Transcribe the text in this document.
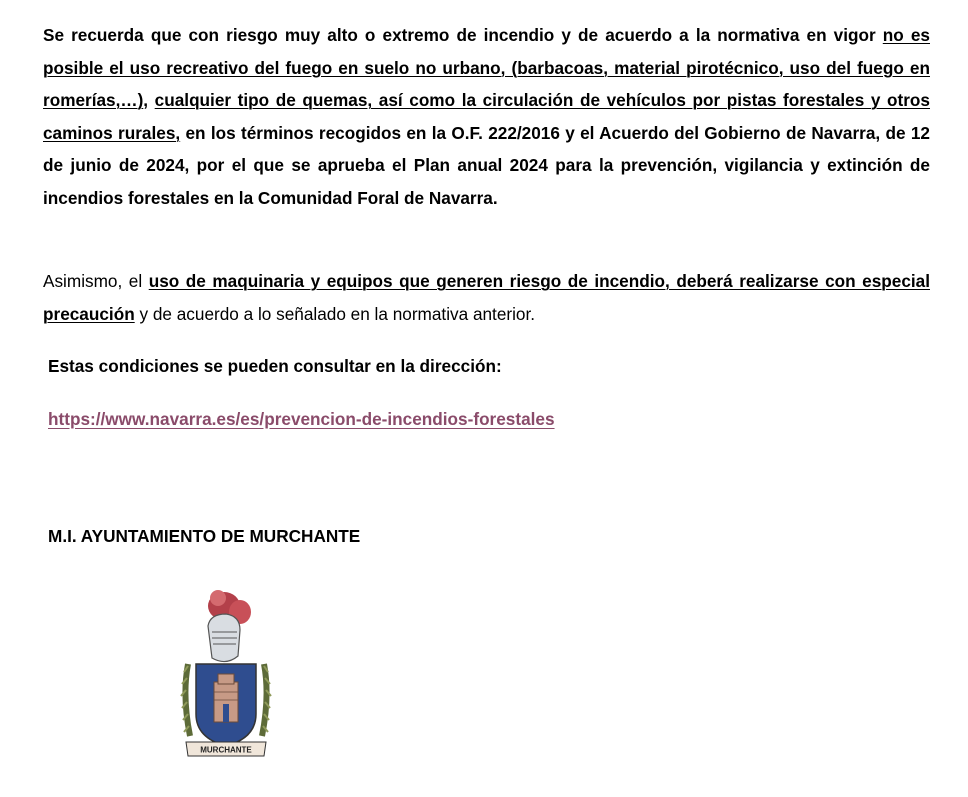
Se recuerda que con riesgo muy alto o extremo de incendio y de acuerdo a la normativa en vigor no es posible el uso recreativo del fuego en suelo no urbano, (barbacoas, material pirotécnico, uso del fuego en romerías,…), cualquier tipo de quemas, así como la circulación de vehículos por pistas forestales y otros caminos rurales, en los términos recogidos en la O.F. 222/2016 y el Acuerdo del Gobierno de Navarra, de 12 de junio de 2024, por el que se aprueba el Plan anual 2024 para la prevención, vigilancia y extinción de incendios forestales en la Comunidad Foral de Navarra.

Asimismo, el uso de maquinaria y equipos que generen riesgo de incendio, deberá realizarse con especial precaución y de acuerdo a lo señalado en la normativa anterior.

Estas condiciones se pueden consultar en la dirección:

https://www.navarra.es/es/prevencion-de-incendios-forestales

M.I. AYUNTAMIENTO DE MURCHANTE

MURCHANTE
